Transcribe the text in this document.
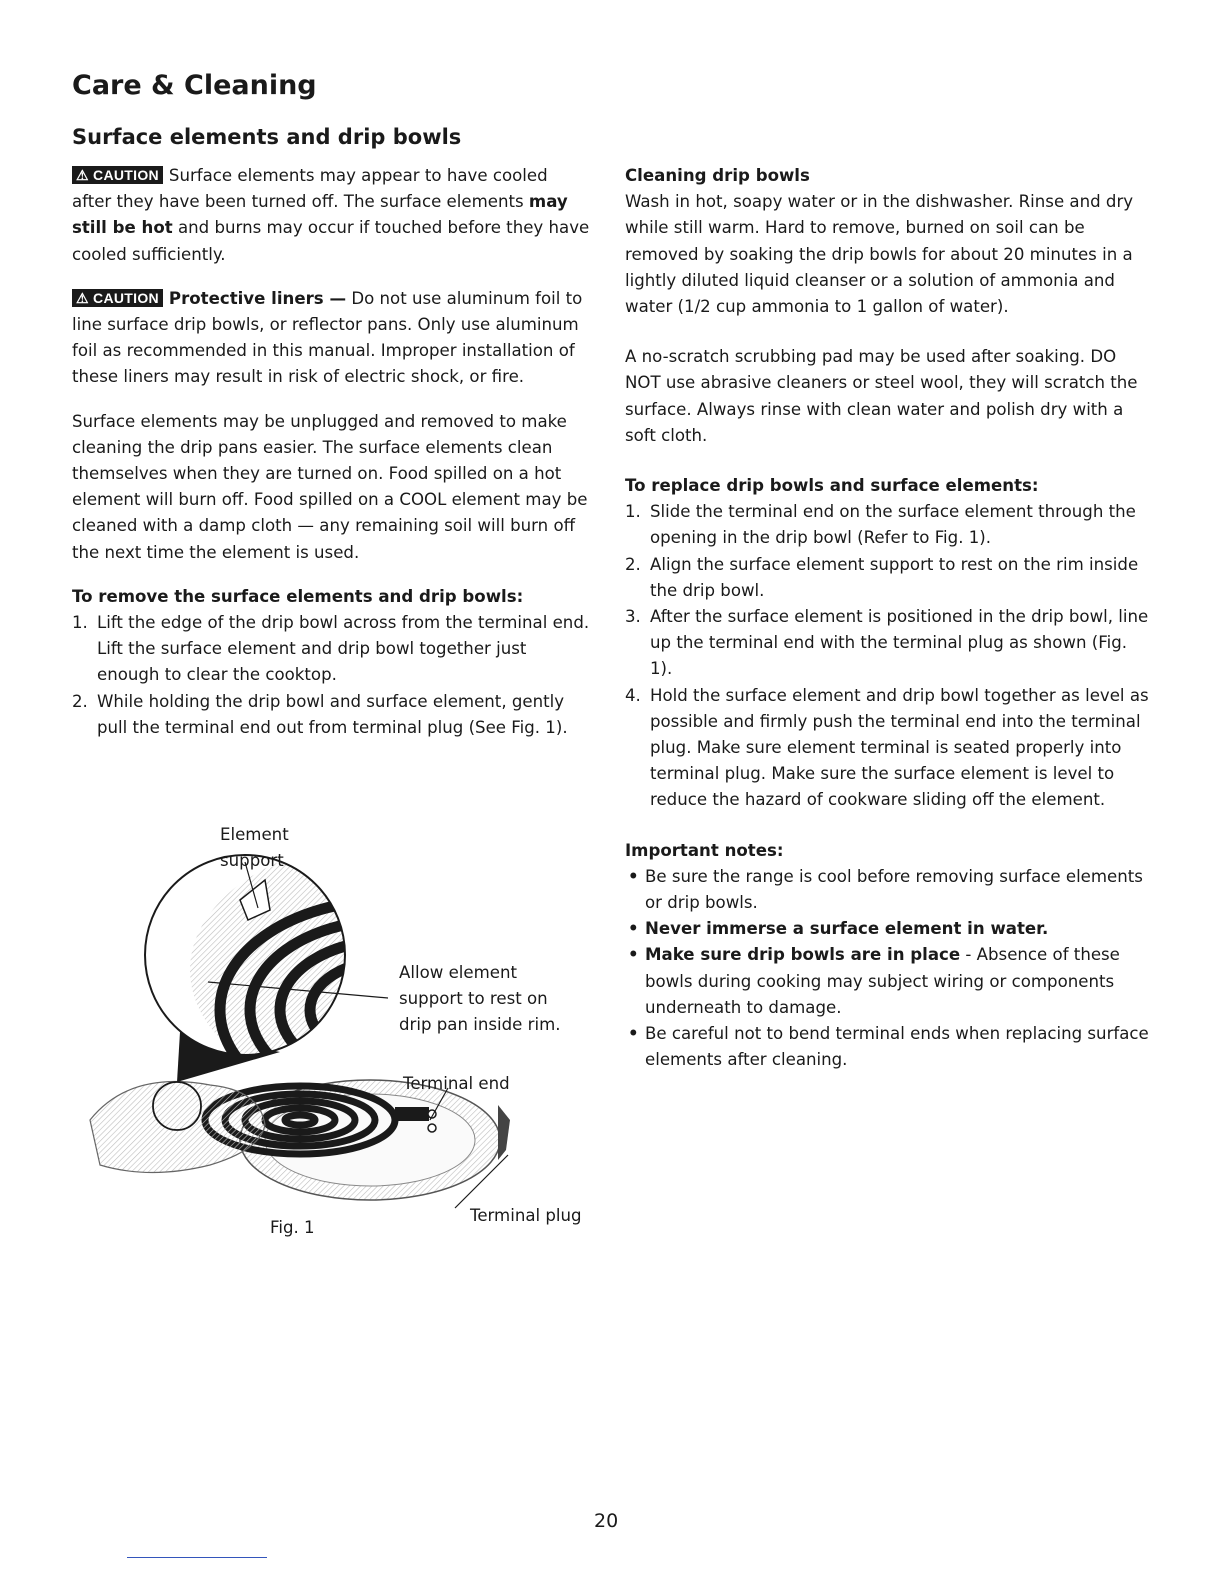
Care & Cleaning
Surface elements and drip bowls

⚠ CAUTION Surface elements may appear to have cooled after they have been turned off. The surface elements may still be hot and burns may occur if touched before they have cooled sufficiently.

⚠ CAUTION Protective liners — Do not use aluminum foil to line surface drip bowls, or reflector pans. Only use aluminum foil as recommended in this manual. Improper installation of these liners may result in risk of electric shock, or fire.

Surface elements may be unplugged and removed to make cleaning the drip pans easier. The surface elements clean themselves when they are turned on. Food spilled on a hot element will burn off. Food spilled on a COOL element may be cleaned with a damp cloth — any remaining soil will burn off the next time the element is used.

To remove the surface elements and drip bowls:

1. Lift the edge of the drip bowl across from the terminal end. Lift the surface element and drip bowl together just enough to clear the cooktop.
2. While holding the drip bowl and surface element, gently pull the terminal end out from terminal plug (See Fig. 1).

Element support

Allow element support to rest on drip pan inside rim.

Terminal end

Terminal plug

Fig. 1

Cleaning drip bowls

Wash in hot, soapy water or in the dishwasher. Rinse and dry while still warm. Hard to remove, burned on soil can be removed by soaking the drip bowls for about 20 minutes in a lightly diluted liquid cleanser or a solution of ammonia and water (1/2 cup ammonia to 1 gallon of water).

A no-scratch scrubbing pad may be used after soaking. DO NOT use abrasive cleaners or steel wool, they will scratch the surface. Always rinse with clean water and polish dry with a soft cloth.

To replace drip bowls and surface elements:

1. Slide the terminal end on the surface element through the opening in the drip bowl (Refer to Fig. 1).
2. Align the surface element support to rest on the rim inside the drip bowl.
3. After the surface element is positioned in the drip bowl, line up the terminal end with the terminal plug as shown (Fig. 1).
4. Hold the surface element and drip bowl together as level as possible and firmly push the terminal end into the terminal plug. Make sure element terminal is seated properly into terminal plug. Make sure the surface element is level to reduce the hazard of cookware sliding off the element.

Important notes:

• Be sure the range is cool before removing surface elements or drip bowls.
• Never immerse a surface element in water.
• Make sure drip bowls are in place - Absence of these bowls during cooking may subject wiring or components underneath to damage.
• Be careful not to bend terminal ends when replacing surface elements after cleaning.
20
